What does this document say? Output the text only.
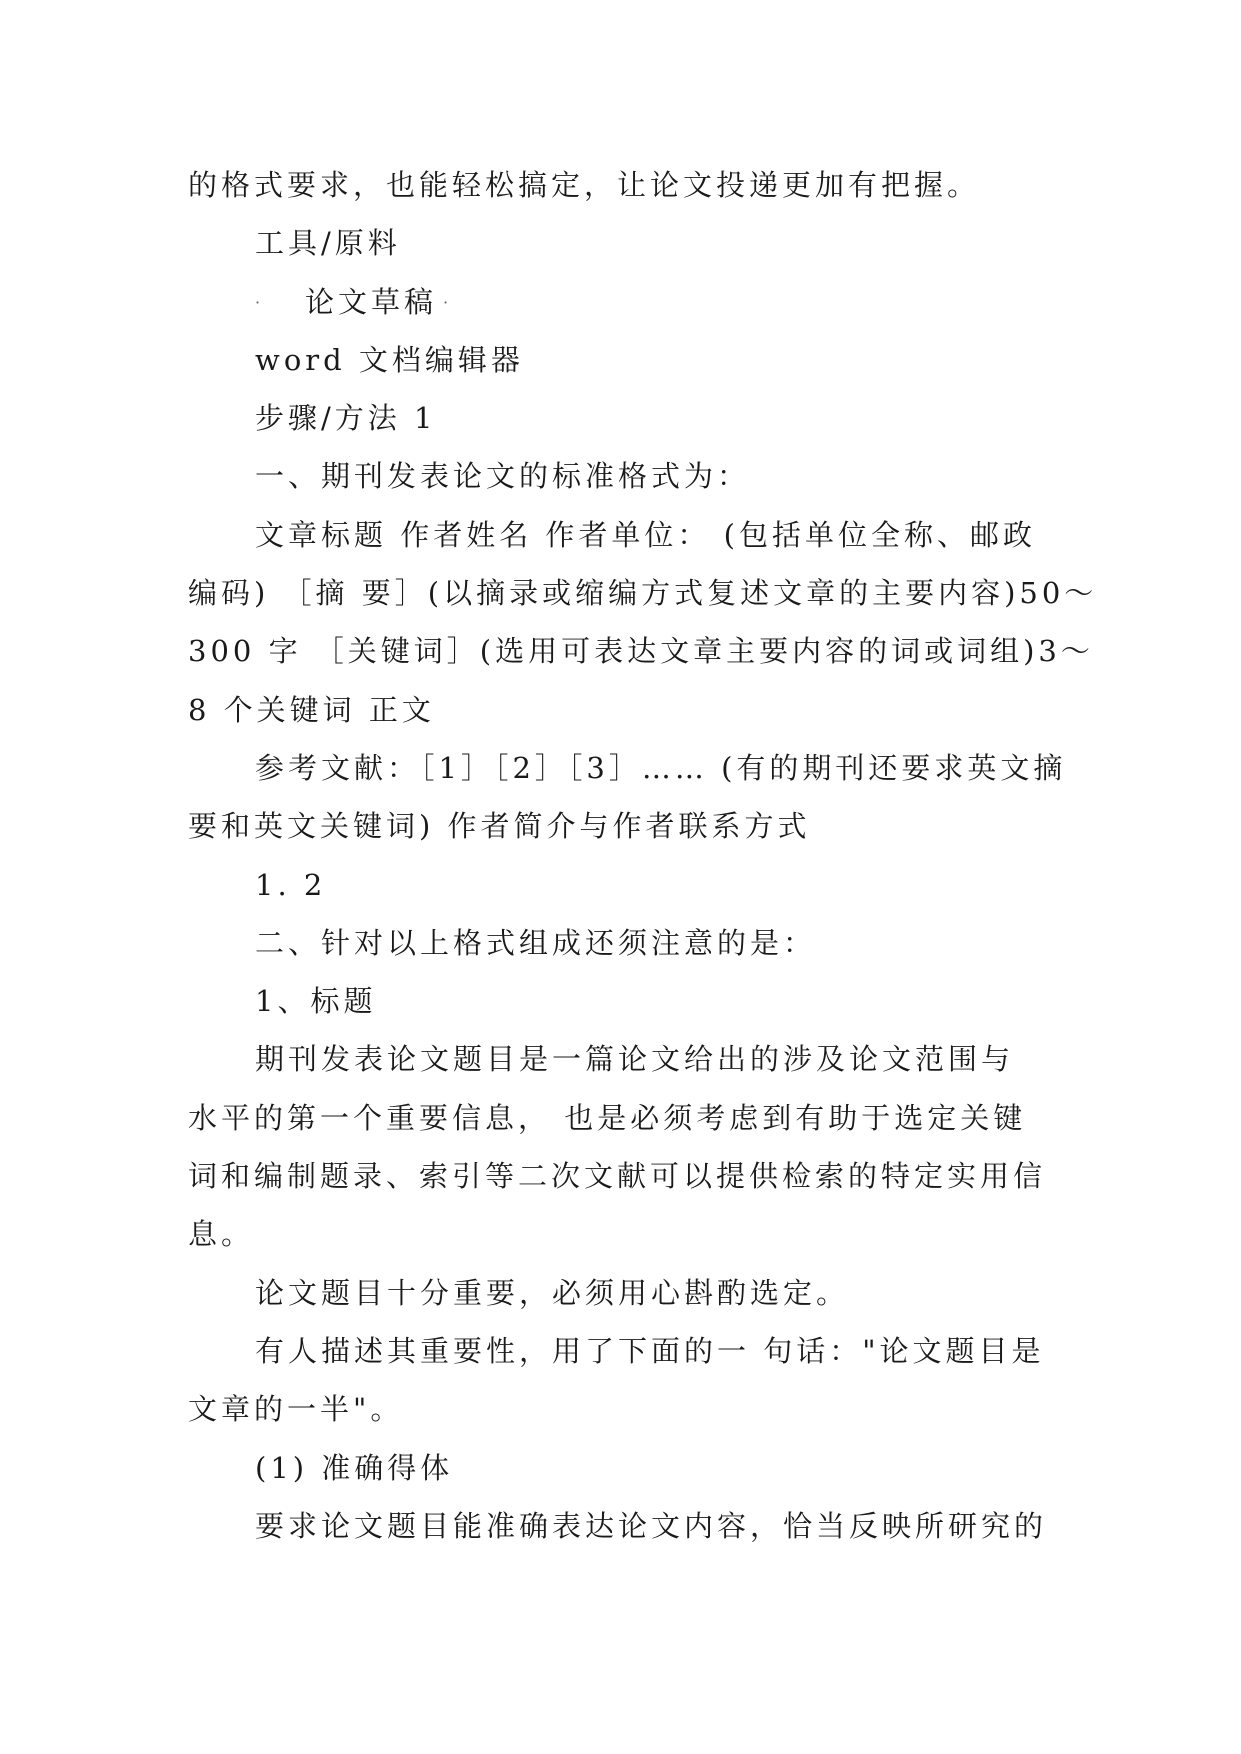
的格式要求，也能轻松搞定，让论文投递更加有把握。
工具/原料
· 论文草稿 ·
word 文档编辑器
步骤/方法 1
一、期刊发表论文的标准格式为：
文章标题 作者姓名 作者单位： (包括单位全称、邮政
编码) ［摘 要］(以摘录或缩编方式复述文章的主要内容)50～
300 字 ［关键词］(选用可表达文章主要内容的词或词组)3～
8 个关键词 正文
参考文献：［1］［2］［3］…… (有的期刊还要求英文摘
要和英文关键词) 作者简介与作者联系方式
1. 2
二、针对以上格式组成还须注意的是：
1、标题
期刊发表论文题目是一篇论文给出的涉及论文范围与
水平的第一个重要信息， 也是必须考虑到有助于选定关键
词和编制题录、索引等二次文献可以提供检索的特定实用信
息。
论文题目十分重要，必须用心斟酌选定。
有人描述其重要性，用了下面的一 句话："论文题目是
文章的一半"。
(1) 准确得体
要求论文题目能准确表达论文内容，恰当反映所研究的
